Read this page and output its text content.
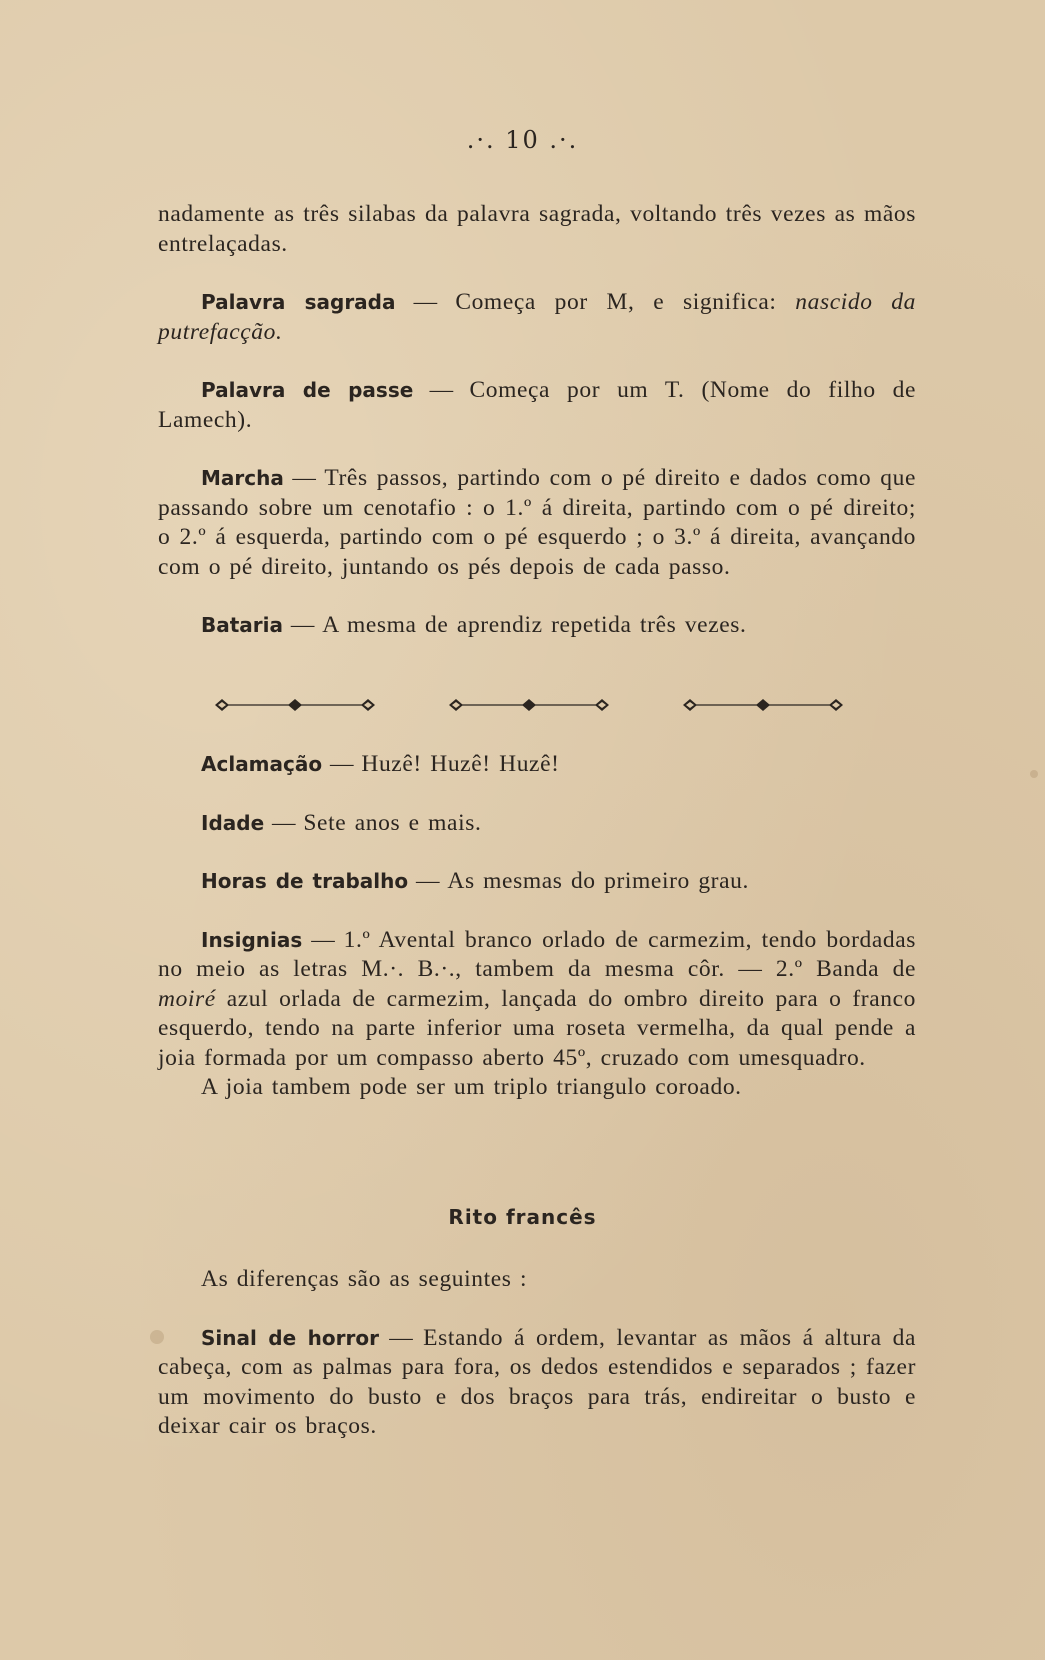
.·. 10 .·.

nadamente as três silabas da palavra sagrada, voltando três vezes as mãos entrelaçadas.

Palavra sagrada — Começa por M, e significa: nascido da putrefacção.

Palavra de passe — Começa por um T. (Nome do filho de Lamech).

Marcha — Três passos, partindo com o pé direito e dados como que passando sobre um cenotafio : o 1.º á direita, partindo com o pé direito; o 2.º á esquerda, partindo com o pé esquerdo ; o 3.º á direita, avançando com o pé direito, juntando os pés depois de cada passo.

Bataria — A mesma de aprendiz repetida três vezes.

Aclamação — Huzê! Huzê! Huzê!

Idade — Sete anos e mais.

Horas de trabalho — As mesmas do primeiro grau.

Insignias — 1.º Avental branco orlado de carmezim, tendo bordadas no meio as letras M.·. B.·., tambem da mesma côr. — 2.º Banda de moiré azul orlada de carmezim, lançada do ombro direito para o franco esquerdo, tendo na parte inferior uma roseta vermelha, da qual pende a joia formada por um compasso aberto 45º, cruzado com umesquadro.

A joia tambem pode ser um triplo triangulo coroado.

Rito francês

As diferenças são as seguintes :

Sinal de horror — Estando á ordem, levantar as mãos á altura da cabeça, com as palmas para fora, os dedos estendidos e separados ; fazer um movimento do busto e dos braços para trás, endireitar o busto e deixar cair os braços.
